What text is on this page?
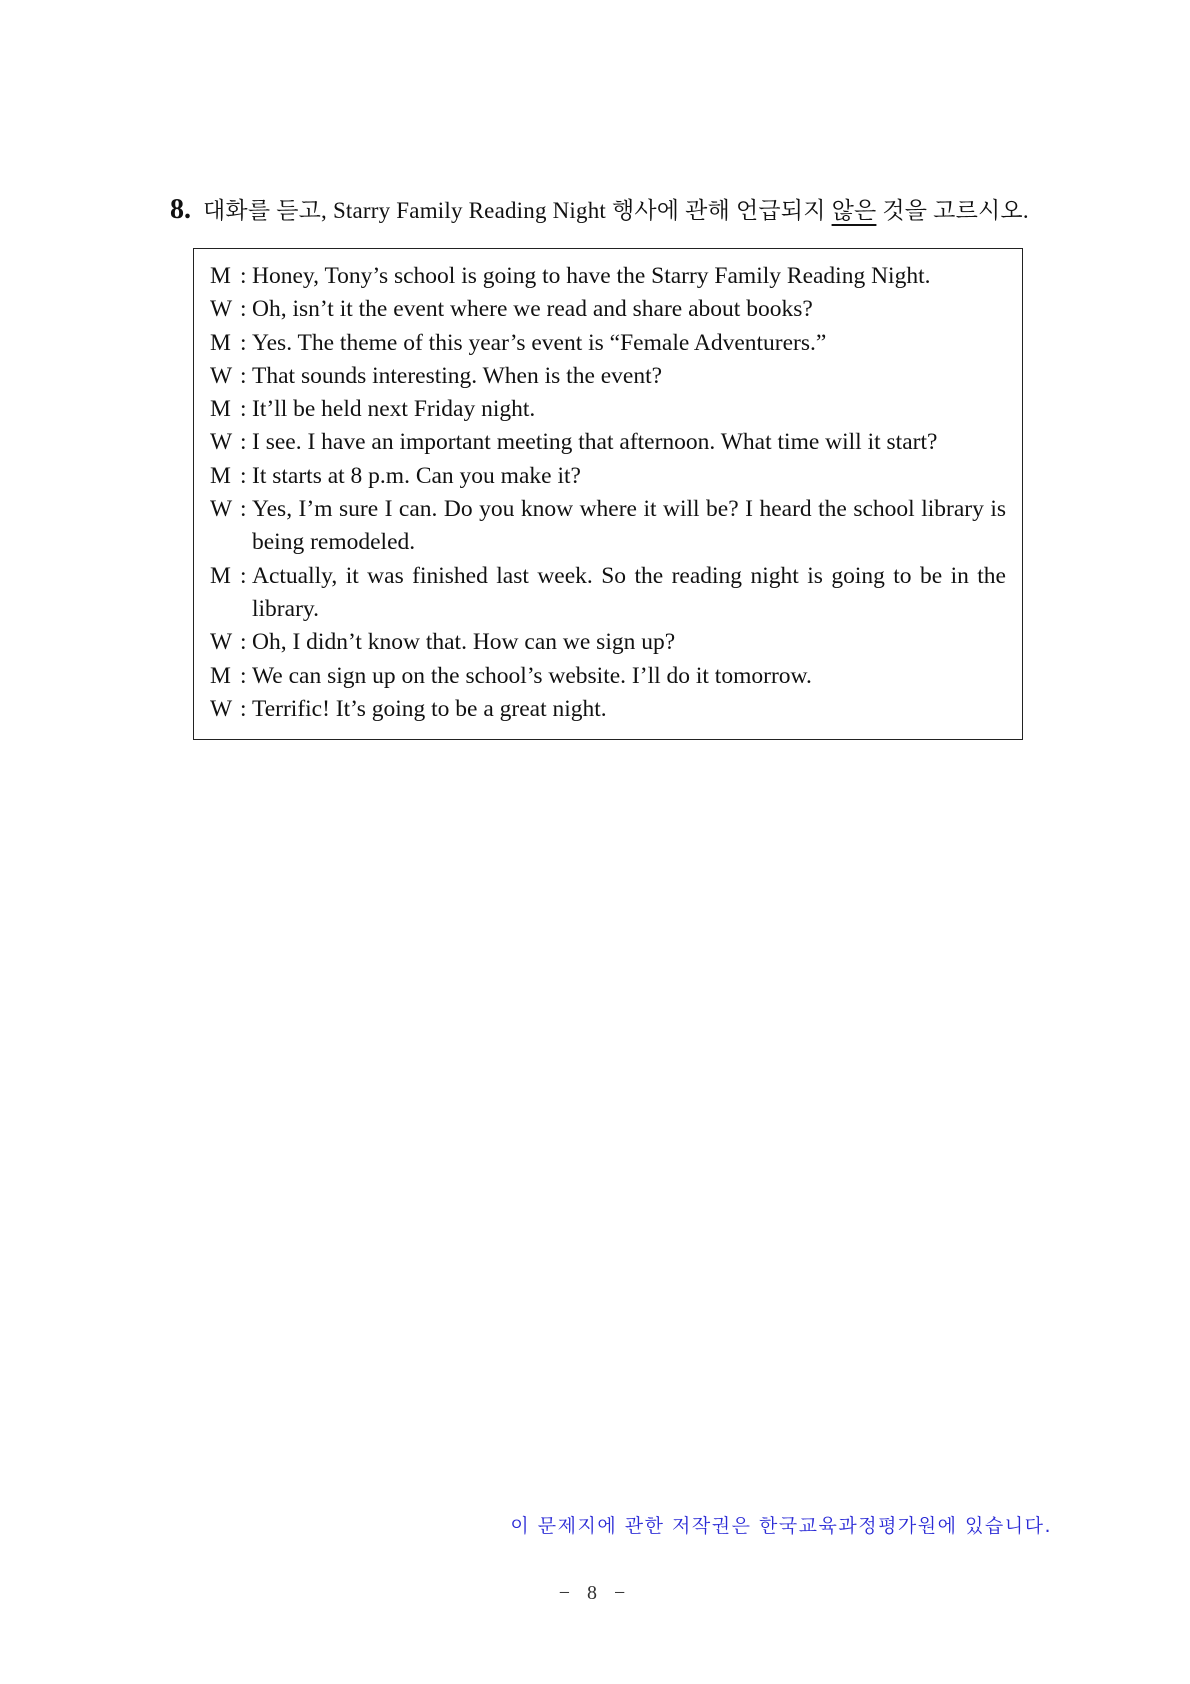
8. 대화를 듣고, Starry Family Reading Night 행사에 관해 언급되지 않은 것을 고르시오.
M : Honey, Tony’s school is going to have the Starry Family Reading Night.
W : Oh, isn’t it the event where we read and share about books?
M : Yes. The theme of this year’s event is “Female Adventurers.”
W : That sounds interesting. When is the event?
M : It’ll be held next Friday night.
W : I see. I have an important meeting that afternoon. What time will it start?
M : It starts at 8 p.m. Can you make it?
W : Yes, I’m sure I can. Do you know where it will be? I heard the school library is being remodeled.
M : Actually, it was finished last week. So the reading night is going to be in the library.
W : Oh, I didn’t know that. How can we sign up?
M : We can sign up on the school’s website. I’ll do it tomorrow.
W : Terrific! It’s going to be a great night.
이 문제지에 관한 저작권은 한국교육과정평가원에 있습니다.
− 8 −
